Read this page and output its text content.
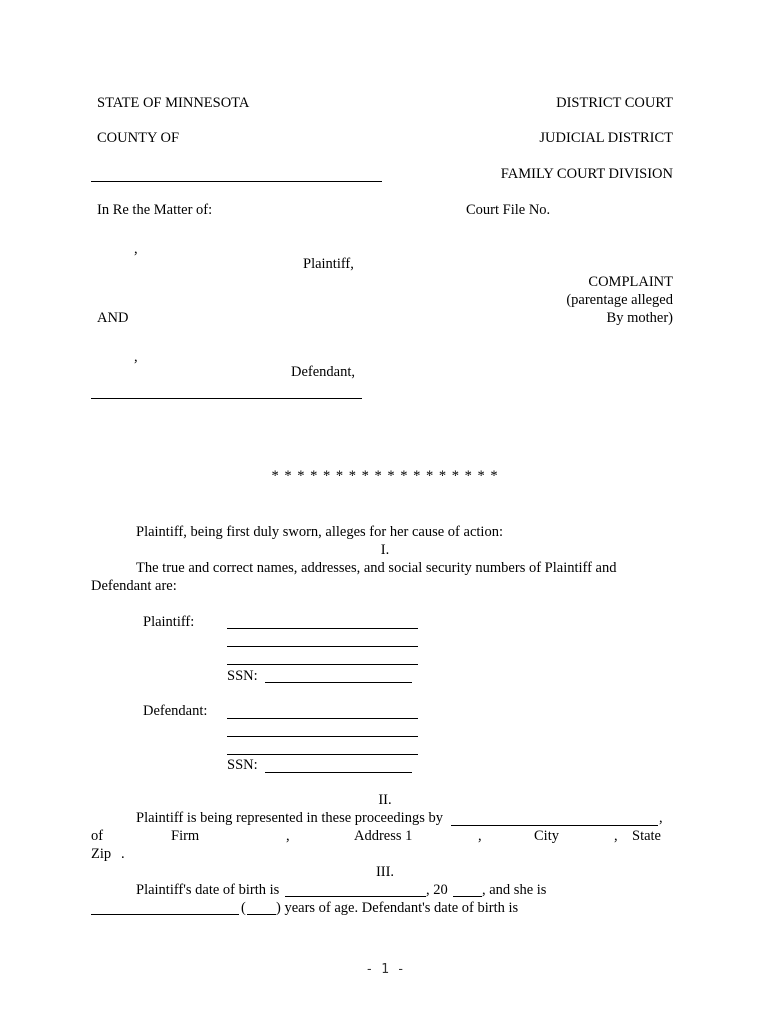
STATE OF MINNESOTA	DISTRICT COURT
COUNTY OF	JUDICIAL DISTRICT
FAMILY COURT DIVISION
In Re the Matter of:	Court File No.
,
Plaintiff,
COMPLAINT
(parentage alleged
By mother)
AND
,
Defendant,
* * * * * * * * * * * * * * * * * *
Plaintiff, being first duly sworn, alleges for her cause of action:
I.
The true and correct names, addresses, and social security numbers of Plaintiff and
Defendant are:
Plaintiff:
SSN:
Defendant:
SSN:
II.
Plaintiff is being represented in these proceedings by	,
of	Firm	,	Address 1	,	City	, State
Zip .
III.
Plaintiff's date of birth is	, 20 , and she is
( ) years of age. Defendant's date of birth is
- 1 -
